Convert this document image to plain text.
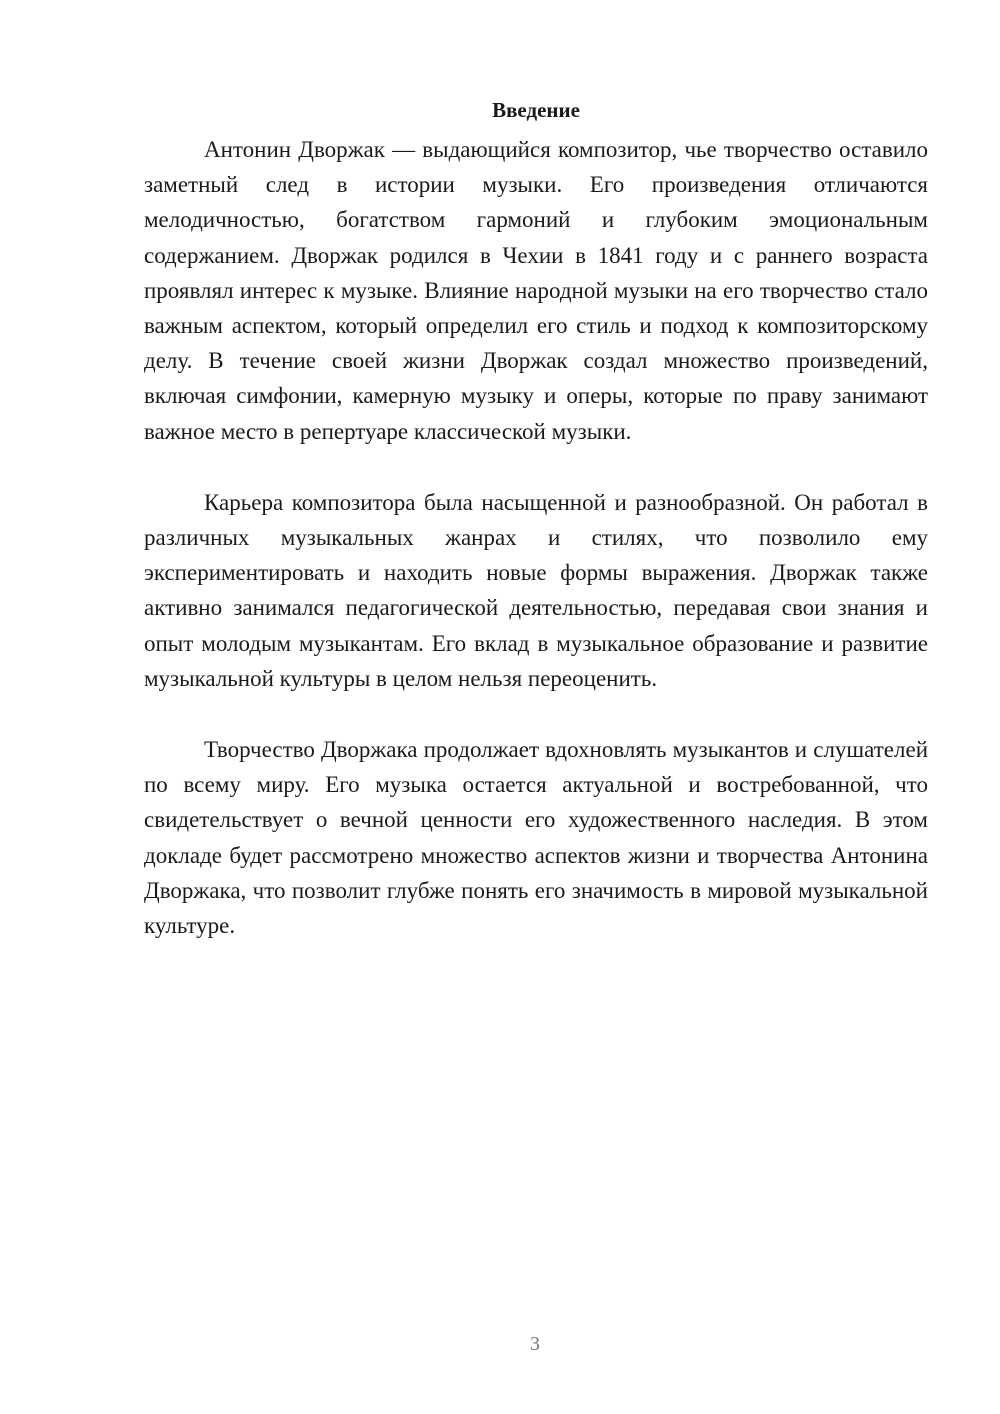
Введение

Антонин Дворжак — выдающийся композитор, чье творчество оставило заметный след в истории музыки. Его произведения отличаются мелодичностью, богатством гармоний и глубоким эмоциональным содержанием. Дворжак родился в Чехии в 1841 году и с раннего возраста проявлял интерес к музыке. Влияние народной музыки на его творчество стало важным аспектом, который определил его стиль и подход к композиторскому делу. В течение своей жизни Дворжак создал множество произведений, включая симфонии, камерную музыку и оперы, которые по праву занимают важное место в репертуаре классической музыки.

Карьера композитора была насыщенной и разнообразной. Он работал в различных музыкальных жанрах и стилях, что позволило ему экспериментировать и находить новые формы выражения. Дворжак также активно занимался педагогической деятельностью, передавая свои знания и опыт молодым музыкантам. Его вклад в музыкальное образование и развитие музыкальной культуры в целом нельзя переоценить.

Творчество Дворжака продолжает вдохновлять музыкантов и слушателей по всему миру. Его музыка остается актуальной и востребованной, что свидетельствует о вечной ценности его художественного наследия. В этом докладе будет рассмотрено множество аспектов жизни и творчества Антонина Дворжака, что позволит глубже понять его значимость в мировой музыкальной культуре.

3
